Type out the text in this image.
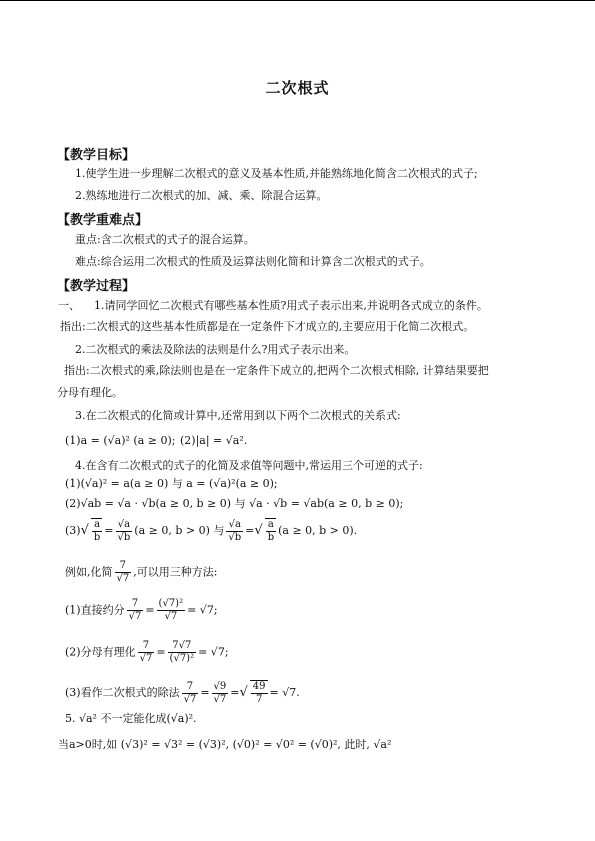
二次根式
【教学目标】
1.使学生进一步理解二次根式的意义及基本性质,并能熟练地化简含二次根式的式子;
2.熟练地进行二次根式的加、减、乘、除混合运算。
【教学重难点】
重点:含二次根式的式子的混合运算。
难点:综合运用二次根式的性质及运算法则化简和计算含二次根式的式子。
【教学过程】
一、 1.请同学回忆二次根式有哪些基本性质?用式子表示出来,并说明各式成立的条件。
指出:二次根式的这些基本性质都是在一定条件下才成立的,主要应用于化简二次根式。
2.二次根式的乘法及除法的法则是什么?用式子表示出来。
指出:二次根式的乘,除法则也是在一定条件下成立的,把两个二次根式相除, 计算结果要把
分母有理化。
3.在二次根式的化简或计算中,还常用到以下两个二次根式的关系式:
(1)a = (√a)² (a ≥ 0); (2)|a| = √a².
4.在含有二次根式的式子的化简及求值等问题中,常运用三个可逆的式子:
(1)(√a)² = a(a ≥ 0) 与 a = (√a)²(a ≥ 0);
(2)√ab = √a · √b(a ≥ 0, b ≥ 0) 与 √a · √b = √ab(a ≥ 0, b ≥ 0);
$(3)√ \frac{a}{b} = \frac{√a}{√b} (a \ge 0$, b > 0) 与 $\frac{√a}{√b}$ =√ $\frac{a}{b} (a \ge 0$, b > 0).
例如,化简 $\frac{7}{√7}$ ,可以用三种方法:
(1)直接约分 $\frac{7}{√7} = \frac{\text{(√7)²}}{√7} = √7$;
(2)分母有理化 $\frac{7}{√7} = \frac{7√7}{\text{(√7)²}} = √7$;
(3)看作二次根式的除法 $\frac{7}{√7} = \frac{√9}{√7}$ =√ $\frac{49}{7} = √7$.
5. √a² 不一定能化成(√a)².
当a>0时,如 (√3)² = √3² = (√3)², (√0)² = √0² = (√0)², 此时, √a²
